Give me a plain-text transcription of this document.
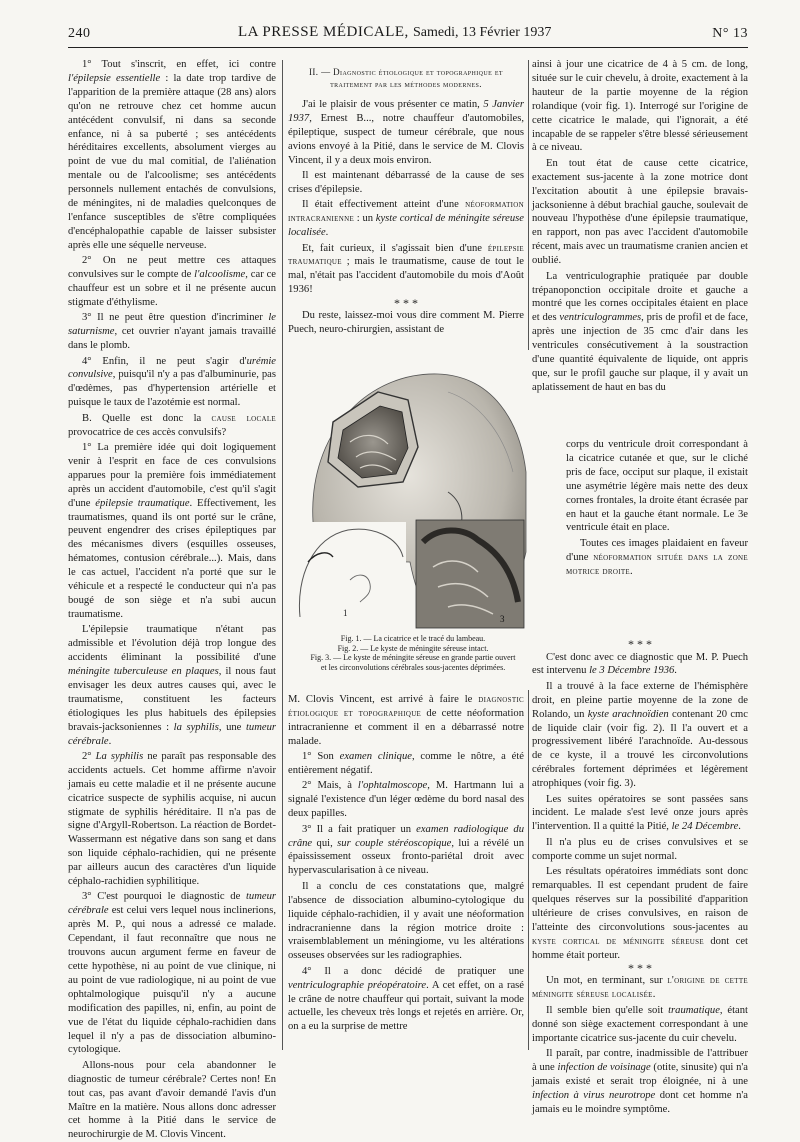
240	LA PRESSE MÉDICALE, Samedi, 13 Février 1937	N° 13

1° Tout s'inscrit, en effet, ici contre l'épilepsie essentielle : la date trop tardive de l'apparition de la première attaque (28 ans) alors qu'on ne retrouve chez cet homme aucun antécédent convulsif, ni dans sa seconde enfance, ni à sa puberté ; ses antécédents héréditaires excellents, absolument vierges au point de vue du mal comitial, de l'aliénation mentale ou de l'alcoolisme; ses antécédents personnels nullement entachés de convulsions, de méningites, ni de maladies quelconques de l'enfance susceptibles de s'être compliquées d'encéphalopathie capable de laisser subsister après elle une séquelle nerveuse.

2° On ne peut mettre ces attaques convulsives sur le compte de l'alcoolisme, car ce chauffeur est un sobre et il ne présente aucun stigmate d'éthylisme.

3° Il ne peut être question d'incriminer le saturnisme, cet ouvrier n'ayant jamais travaillé dans le plomb.

4° Enfin, il ne peut s'agir d'urémie convulsive, puisqu'il n'y a pas d'albuminurie, pas d'œdèmes, pas d'hypertension artérielle et puisque le taux de l'azotémie est normal.

B. Quelle est donc la cause locale provocatrice de ces accès convulsifs?

1° La première idée qui doit logiquement venir à l'esprit en face de ces convulsions apparues pour la première fois immédiatement après un accident d'automobile, c'est qu'il s'agit d'une épilepsie traumatique. Effectivement, les traumatismes, quand ils ont porté sur le crâne, peuvent engendrer des crises épileptiques par des mécanismes divers (esquilles osseuses, hématomes, contusion cérébrale...). Mais, dans le cas actuel, l'accident n'a porté que sur le véhicule et a respecté le conducteur qui n'a pas bougé de son siège et n'a subi aucun traumatisme.

L'épilepsie traumatique n'étant pas admissible et l'évolution déjà trop longue des accidents éliminant la possibilité d'une méningite tuberculeuse en plaques, il nous faut envisager les deux autres causes qui, avec le traumatisme, constituent les facteurs étiologiques les plus habituels des épilepsies bravais-jacksoniennes : la syphilis, une tumeur cérébrale.

2° La syphilis ne paraît pas responsable des accidents actuels. Cet homme affirme n'avoir jamais eu cette maladie et il ne présente aucune cicatrice suspecte de syphilis acquise, ni aucun stigmate de syphilis héréditaire. Il n'a pas de signe d'Argyll-Robertson. La réaction de Bordet-Wassermann est négative dans son sang et dans son liquide céphalo-rachidien, qui ne présente par ailleurs aucun des caractères d'un liquide céphalo-rachidien syphilitique.

3° C'est pourquoi le diagnostic de tumeur cérébrale est celui vers lequel nous inclinerions, après M. P., qui nous a adressé ce malade. Cependant, il faut reconnaître que nous ne trouvons aucun argument ferme en faveur de cette hypothèse, ni au point de vue clinique, ni au point de vue radiologique, ni au point de vue ophtalmologique puisqu'il n'y a aucune modification des papilles, ni, enfin, au point de vue de l'état du liquide céphalo-rachidien dans lequel il n'y a pas de dissociation albumino-cytologique.

Allons-nous pour cela abandonner le diagnostic de tumeur cérébrale? Certes non! En tout cas, pas avant d'avoir demandé l'avis d'un Maître en la matière. Nous allons donc adresser cet homme à la Pitié dans le service de neurochirurgie de M. Clovis Vincent.

II. — Diagnostic étiologique et topographique et traitement par les méthodes modernes.

J'ai le plaisir de vous présenter ce matin, 5 Janvier 1937, Ernest B..., notre chauffeur d'automobiles, épileptique, suspect de tumeur cérébrale, que nous avions envoyé à la Pitié, dans le service de M. Clovis Vincent, il y a deux mois environ.

Il est maintenant débarrassé de la cause de ses crises d'épilepsie.

Il était effectivement atteint d'une néoformation intracranienne : un kyste cortical de méningite séreuse localisée.

Et, fait curieux, il s'agissait bien d'une épilepsie traumatique ; mais le traumatisme, cause de tout le mal, n'était pas l'accident d'automobile du mois d'Août 1936!

* * *

Du reste, laissez-moi vous dire comment M. Pierre Puech, neuro-chirurgien, assistant de

1
3
Fig. 1. — La cicatrice et le tracé du lambeau.
Fig. 2. — Le kyste de méningite séreuse intact.
Fig. 3. — Le kyste de méningite séreuse en grande partie ouvert
et les circonvolutions cérébrales sous-jacentes déprimées.

M. Clovis Vincent, est arrivé à faire le diagnostic étiologique et topographique de cette néoformation intracranienne et comment il en a débarrassé notre malade.

1° Son examen clinique, comme le nôtre, a été entièrement négatif.

2° Mais, à l'ophtalmoscope, M. Hartmann lui a signalé l'existence d'un léger œdème du bord nasal des deux papilles.

3° Il a fait pratiquer un examen radiologique du crâne qui, sur couple stéréoscopique, lui a révélé un épaississement osseux fronto-pariétal droit avec hypervascularisation à ce niveau.

Il a conclu de ces constatations que, malgré l'absence de dissociation albumino-cytologique du liquide céphalo-rachidien, il y avait une néoformation indracranienne dans la région motrice droite : vraisemblablement un méningiome, vu les altérations osseuses observées sur les radiographies.

4° Il a donc décidé de pratiquer une ventriculographie préopératoire. A cet effet, on a rasé le crâne de notre chauffeur qui portait, suivant la mode actuelle, les cheveux très longs et rejetés en arrière. Or, on a eu la surprise de mettre

ainsi à jour une cicatrice de 4 à 5 cm. de long, située sur le cuir chevelu, à droite, exactement à la hauteur de la partie moyenne de la région rolandique (voir fig. 1). Interrogé sur l'origine de cette cicatrice le malade, qui l'ignorait, a été incapable de se rappeler s'être blessé sérieusement à ce niveau.

En tout état de cause cette cicatrice, exactement sus-jacente à la zone motrice dont l'excitation aboutit à une épilepsie bravais-jacksonienne à début brachial gauche, soulevait de nouveau l'hypothèse d'une épilepsie traumatique, en rapport, non pas avec l'accident d'automobile récent, mais avec un traumatisme cranien ancien et oublié.

La ventriculographie pratiquée par double trépanoponction occipitale droite et gauche a montré que les cornes occipitales étaient en place et des ventriculogrammes, pris de profil et de face, après une injection de 35 cmc d'air dans les ventricules consécutivement à la soustraction d'une quantité équivalente de liquide, ont appris que, sur le profil gauche sur plaque, il y avait un aplatissement de haut en bas du

corps du ventricule droit correspondant à la cicatrice cutanée et que, sur le cliché pris de face, occiput sur plaque, il existait une asymétrie légère mais nette des deux cornes frontales, la droite étant écrasée par en haut et la gauche étant normale. Le 3e ventricule était en place.

Toutes ces images plaidaient en faveur d'une néoformation située dans la zone motrice droite.

* * *

C'est donc avec ce diagnostic que M. P. Puech est intervenu le 3 Décembre 1936.

Il a trouvé à la face externe de l'hémisphère droit, en pleine partie moyenne de la zone de Rolando, un kyste arachnoïdien contenant 20 cmc de liquide clair (voir fig. 2). Il l'a ouvert et a progressivement libéré l'arachnoïde. Au-dessous de ce kyste, il a trouvé les circonvolutions cérébrales fortement déprimées et légèrement atrophiques (voir fig. 3).

Les suites opératoires se sont passées sans incident. Le malade s'est levé onze jours après l'intervention. Il a quitté la Pitié, le 24 Décembre.

Il n'a plus eu de crises convulsives et se comporte comme un sujet normal.

Les résultats opératoires immédiats sont donc remarquables. Il est cependant prudent de faire quelques réserves sur la possibilité d'apparition ultérieure de crises convulsives, en raison de l'atteinte des circonvolutions sous-jacentes au kyste cortical de méningite séreuse dont cet homme était porteur.

* * *

Un mot, en terminant, sur l'origine de cette méningite séreuse localisée.

Il semble bien qu'elle soit traumatique, étant donné son siège exactement correspondant à une importante cicatrice sus-jacente du cuir chevelu.

Il paraît, par contre, inadmissible de l'attribuer à une infection de voisinage (otite, sinusite) qui n'a jamais existé et serait trop éloignée, ni à une infection à virus neurotrope dont cet homme n'a jamais eu le moindre symptôme.
